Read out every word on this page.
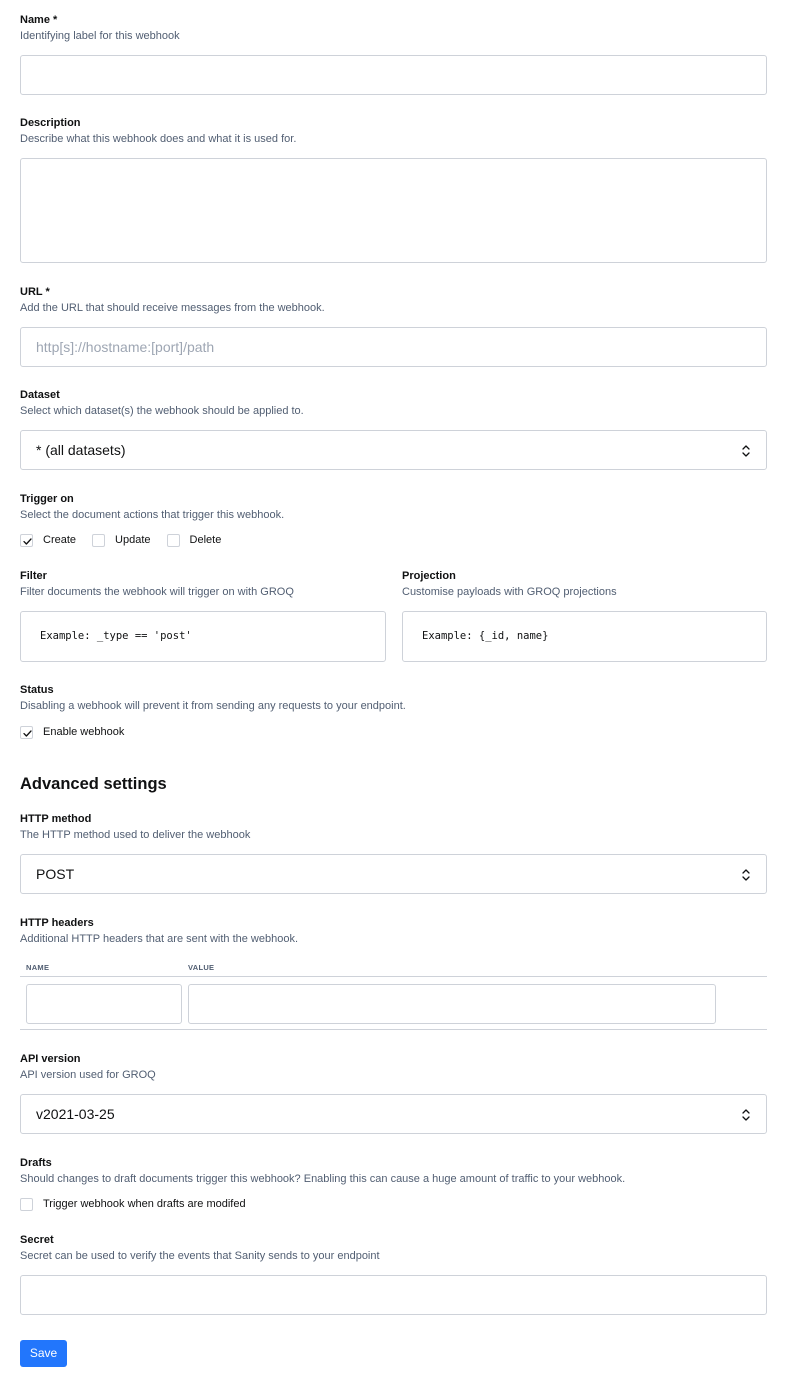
Name *
Identifying label for this webhook
Description
Describe what this webhook does and what it is used for.
URL *
Add the URL that should receive messages from the webhook.
http[s]://hostname:[port]/path
Dataset
Select which dataset(s) the webhook should be applied to.
* (all datasets)
Trigger on
Select the document actions that trigger this webhook.
Create	Update	Delete
Filter
Filter documents the webhook will trigger on with GROQ
Example: _type == 'post'
Projection
Customise payloads with GROQ projections
Example: {_id, name}
Status
Disabling a webhook will prevent it from sending any requests to your endpoint.
Enable webhook
Advanced settings
HTTP method
The HTTP method used to deliver the webhook
POST
HTTP headers
Additional HTTP headers that are sent with the webhook.
NAME	VALUE
API version
API version used for GROQ
v2021-03-25
Drafts
Should changes to draft documents trigger this webhook? Enabling this can cause a huge amount of traffic to your webhook.
Trigger webhook when drafts are modifed
Secret
Secret can be used to verify the events that Sanity sends to your endpoint
Save
